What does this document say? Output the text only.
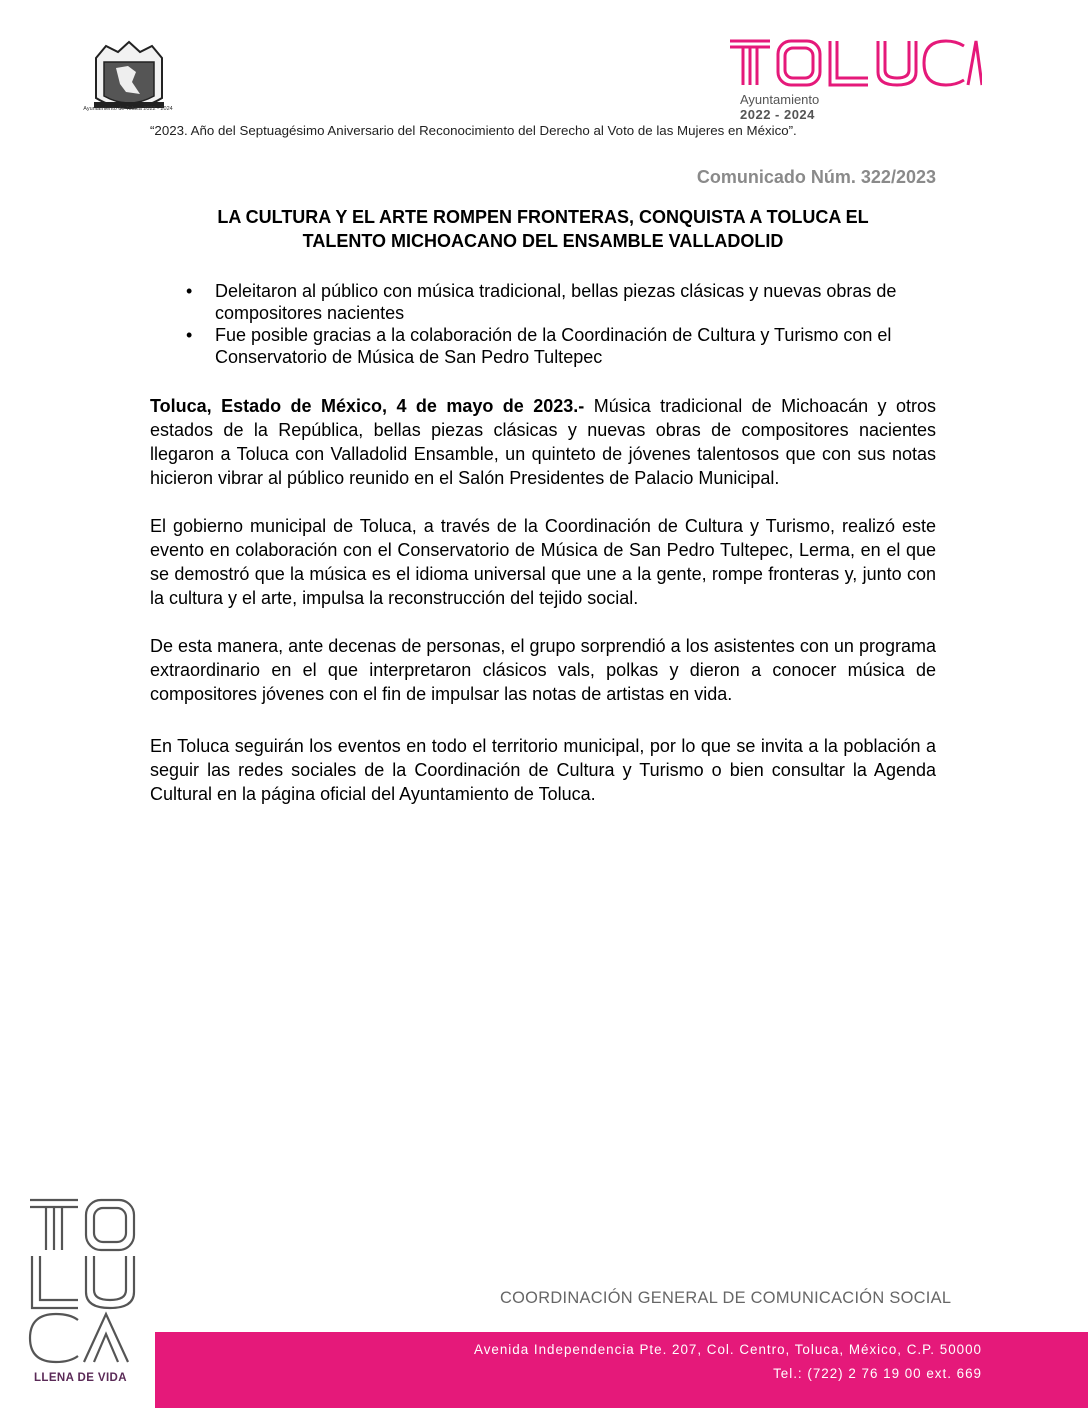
Ayuntamiento de Toluca 2022 - 2024
Ayuntamiento
2022 - 2024
“2023. Año del Septuagésimo Aniversario del Reconocimiento del Derecho al Voto de las Mujeres en México”.
Comunicado Núm. 322/2023
LA CULTURA Y EL ARTE ROMPEN FRONTERAS, CONQUISTA A TOLUCA EL
TALENTO MICHOACANO DEL ENSAMBLE VALLADOLID
• Deleitaron al público con música tradicional, bellas piezas clásicas y nuevas obras de compositores nacientes
• Fue posible gracias a la colaboración de la Coordinación de Cultura y Turismo con el Conservatorio de Música de San Pedro Tultepec

Toluca, Estado de México, 4 de mayo de 2023.- Música tradicional de Michoacán y otros estados de la República, bellas piezas clásicas y nuevas obras de compositores nacientes llegaron a Toluca con Valladolid Ensamble, un quinteto de jóvenes talentosos que con sus notas hicieron vibrar al público reunido en el Salón Presidentes de Palacio Municipal.

El gobierno municipal de Toluca, a través de la Coordinación de Cultura y Turismo, realizó este evento en colaboración con el Conservatorio de Música de San Pedro Tultepec, Lerma, en el que se demostró que la música es el idioma universal que une a la gente, rompe fronteras y, junto con la cultura y el arte, impulsa la reconstrucción del tejido social.

De esta manera, ante decenas de personas, el grupo sorprendió a los asistentes con un programa extraordinario en el que interpretaron clásicos vals, polkas y dieron a conocer música de compositores jóvenes con el fin de impulsar las notas de artistas en vida.

En Toluca seguirán los eventos en todo el territorio municipal, por lo que se invita a la población a seguir las redes sociales de la Coordinación de Cultura y Turismo o bien consultar la Agenda Cultural en la página oficial del Ayuntamiento de Toluca.

LLENA DE VIDA
COORDINACIÓN GENERAL DE COMUNICACIÓN SOCIAL
Avenida Independencia Pte. 207, Col. Centro, Toluca, México, C.P. 50000
Tel.: (722) 2 76 19 00 ext. 669
